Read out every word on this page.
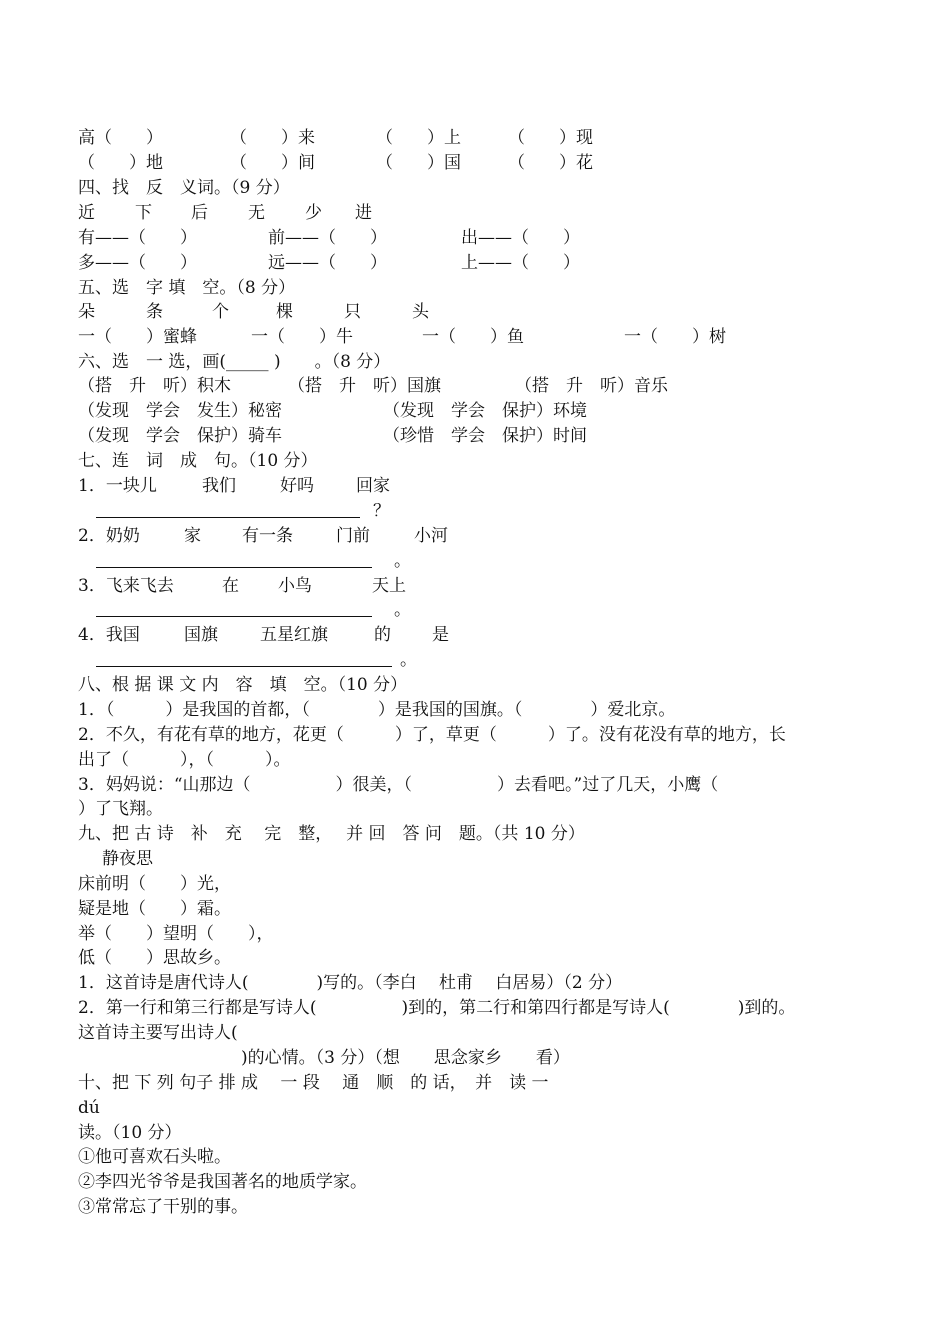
高（　　）	（　　）来	（　　）上	（　　）现
（　　）地	（　　）间	（　　）国	（　　）花
四、找　反　义词。（9 分）
近 下 后 无 少 进
有——（　　）	前——（　　）	出——（　　）
多——（　　）	远——（　　）	上——（　　）
五、选　字 填　空。（8 分）
朵	条	个	棵	只	头
一（　　）蜜蜂	一（　　）牛	一（　　）鱼	一（　　）树
六、选　一 选，画(_____ )　　。（8 分）
（搭　升　听）积木	（搭　升　听）国旗	（搭　升　听）音乐
（发现　学会　发生）秘密	（发现　学会　保护）环境
（发现　学会　保护）骑车	（珍惜　学会　保护）时间
七、连　词　成　句。（10 分）
1．一块儿	我们	好吗 回家
？
2．奶奶	家 有一条	门前	小河
。
3．飞来飞去	在 小鸟	天上
。
4．我国	国旗 五星红旗	的 是
。
八、根 据 课 文 内　容　填　空。（10 分）
1．（　　　）是我国的首都，（　　　　）是我国的国旗。（　　　　）爱北京。
2．不久，有花有草的地方，花更（　　　）了，草更（　　　）了。没有花没有草的地方，长
出了（　　　），（　　　）。
3．妈妈说：“山那边（　　　　　）很美，（　　　　　）去看吧。”过了几天，小鹰（
）了飞翔。
九、把 古 诗　补　充　 完　整，　 并 回　答 问　题。（共 10 分）
静夜思
床前明（　　）光，
疑是地（　　）霜。
举（　　）望明（　　），
低（　　）思故乡。
1．这首诗是唐代诗人(　　　　)写的。（李白　 杜甫　 白居易）（2 分）
2．第一行和第三行都是写诗人(　　　　　)到的，第二行和第四行都是写诗人(　　　　)到的。
这首诗主要写出诗人(
)的心情。（3 分）（想　　思念家乡　　看）
十、把 下 列 句子 排 成　 一 段　 通　顺　的 话，　并　读 一
dú
读。（10 分）
①他可喜欢石头啦。
②李四光爷爷是我国著名的地质学家。
③常常忘了干别的事。
